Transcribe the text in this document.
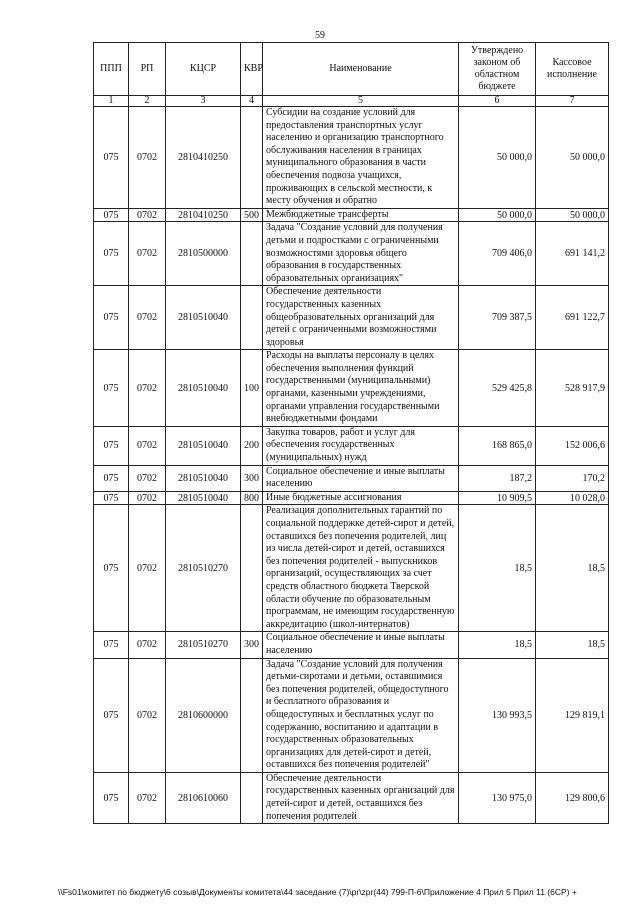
59
ППП	РП	КЦСР	КВР	Наименование	Утверждено законом об областном бюджете	Кассовое исполнение
1	2	3	4	5	6	7
075	0702	2810410250		Субсидии на создание условий для предоставления транспортных услуг населению и организацию транспортного обслуживания населения в границах муниципального образования в части обеспечения подвоза учащихся, проживающих в сельской местности, к месту обучения и обратно	50 000,0	50 000,0
075	0702	2810410250	500	Межбюджетные трансферты	50 000,0	50 000,0
075	0702	2810500000		Задача "Создание условий для получения детьми и подростками с ограниченными возможностями здоровья общего образования в государственных образовательных организациях"	709 406,0	691 141,2
075	0702	2810510040		Обеспечение деятельности государственных казенных общеобразовательных организаций для детей с ограниченными возможностями здоровья	709 387,5	691 122,7
075	0702	2810510040	100	Расходы на выплаты персоналу в целях обеспечения выполнения функций государственными (муниципальными) органами, казенными учреждениями, органами управления государственными внебюджетными фондами	529 425,8	528 917,9
075	0702	2810510040	200	Закупка товаров, работ и услуг для обеспечения государственных (муниципальных) нужд	168 865,0	152 006,6
075	0702	2810510040	300	Социальное обеспечение и иные выплаты населению	187,2	170,2
075	0702	2810510040	800	Иные бюджетные ассигнования	10 909,5	10 028,0
075	0702	2810510270		Реализация дополнительных гарантий по социальной поддержке детей-сирот и детей, оставшихся без попечения родителей, лиц из числа детей-сирот и детей, оставшихся без попечения родителей - выпускников организаций, осуществляющих за счет средств областного бюджета Тверской области обучение по образовательным программам, не имеющим государственную аккредитацию (школ-интернатов)	18,5	18,5
075	0702	2810510270	300	Социальное обеспечение и иные выплаты населению	18,5	18,5
075	0702	2810600000		Задача "Создание условий для получения детьми-сиротами и детьми, оставшимися без попечения родителей, общедоступного и бесплатного образования и общедоступных и бесплатных услуг по содержанию, воспитанию и адаптации в государственных образовательных организациях для детей-сирот и детей, оставшихся без попечения родителей"	130 993,5	129 819,1
075	0702	2810610060		Обеспечение деятельности государственных казенных организаций для детей-сирот и детей, оставшихся без попечения родителей	130 975,0	129 800,6
\\Fs01\комитет по бюджету\6 созыв\Документы комитета\44 заседание (7)\pr\zpr(44) 799-П-6\Приложение 4 Прил 5 Прил 11 (6СР) +
